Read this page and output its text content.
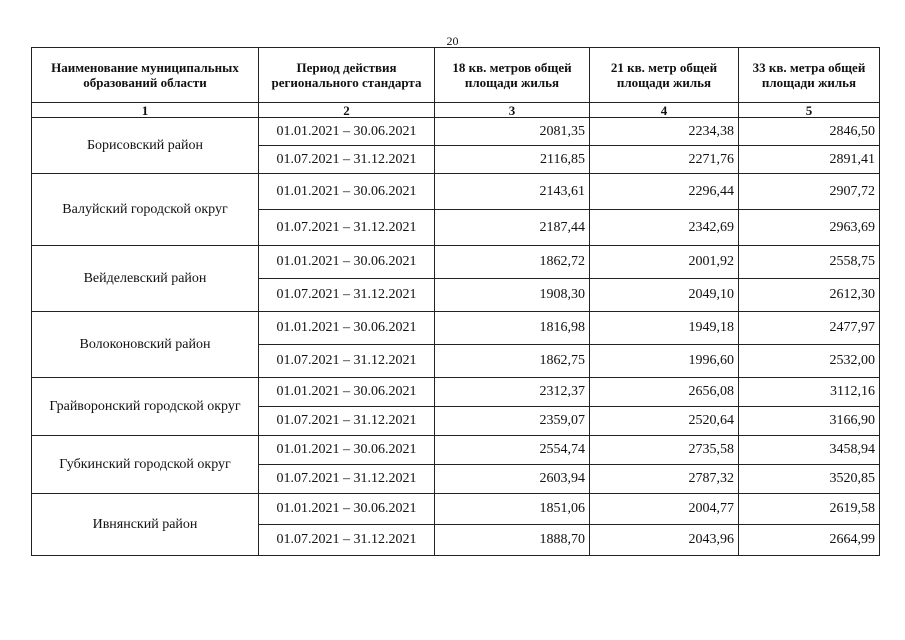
20
Наименование муниципальных образований области	Период действия регионального стандарта	18 кв. метров общей площади жилья	21 кв. метр общей площади жилья	33 кв. метра общей площади жилья
1	2	3	4	5
Борисовский район	01.01.2021 – 30.06.2021	2081,35	2234,38	2846,50
	01.07.2021 – 31.12.2021	2116,85	2271,76	2891,41
Валуйский городской округ	01.01.2021 – 30.06.2021	2143,61	2296,44	2907,72
	01.07.2021 – 31.12.2021	2187,44	2342,69	2963,69
Вейделевский район	01.01.2021 – 30.06.2021	1862,72	2001,92	2558,75
	01.07.2021 – 31.12.2021	1908,30	2049,10	2612,30
Волоконовский район	01.01.2021 – 30.06.2021	1816,98	1949,18	2477,97
	01.07.2021 – 31.12.2021	1862,75	1996,60	2532,00
Грайворонский городской округ	01.01.2021 – 30.06.2021	2312,37	2656,08	3112,16
	01.07.2021 – 31.12.2021	2359,07	2520,64	3166,90
Губкинский городской округ	01.01.2021 – 30.06.2021	2554,74	2735,58	3458,94
	01.07.2021 – 31.12.2021	2603,94	2787,32	3520,85
Ивнянский район	01.01.2021 – 30.06.2021	1851,06	2004,77	2619,58
	01.07.2021 – 31.12.2021	1888,70	2043,96	2664,99
